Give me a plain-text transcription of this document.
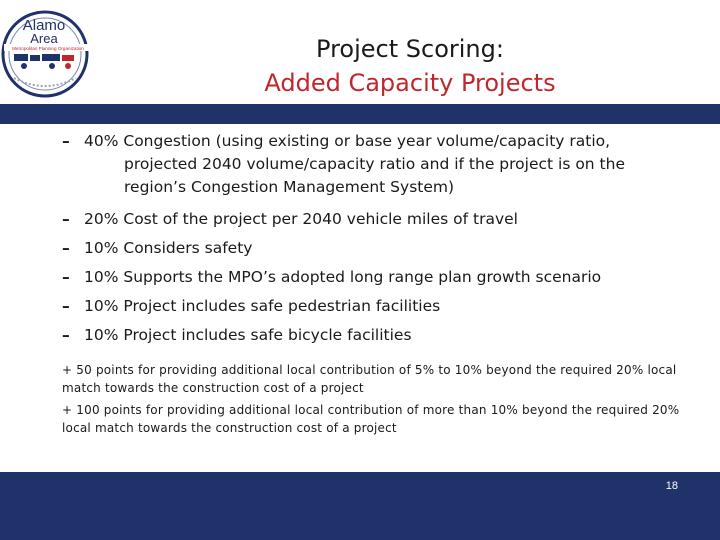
Alamo
Area
Metropolitan Planning Organization	Project Scoring:
Added Capacity Projects
– 40% Congestion (using existing or base year volume/capacity ratio,
projected 2040 volume/capacity ratio and if the project is on the
region’s Congestion Management System)
– 20% Cost of the project per 2040 vehicle miles of travel
– 10% Considers safety
– 10% Supports the MPO’s adopted long range plan growth scenario
– 10% Project includes safe pedestrian facilities
– 10% Project includes safe bicycle facilities

+ 50 points for providing additional local contribution of 5% to 10% beyond the required 20% local match towards the construction cost of a project

+ 100 points for providing additional local contribution of more than 10% beyond the required 20% local match towards the construction cost of a project

18
